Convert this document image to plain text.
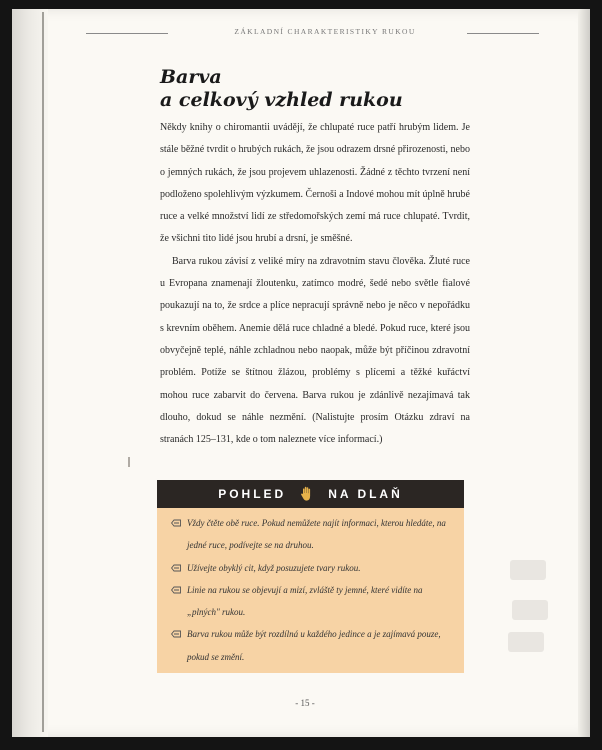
ZÁKLADNÍ CHARAKTERISTIKY RUKOU
Barva
a celkový vzhled rukou

Někdy knihy o chiromantii uvádějí, že chlupaté ruce patří hrubým lidem. Je stále běžné tvrdit o hrubých rukách, že jsou odrazem drsné přirozenosti, nebo o jemných rukách, že jsou projevem uhlazenosti. Žádné z těchto tvrzení není podloženo spolehlivým výzkumem. Černoši a Indové mohou mít úplně hrubé ruce a velké množství lidí ze středomořských zemí má ruce chlupaté. Tvrdit, že všichni tito lidé jsou hrubí a drsní, je směšné.

Barva rukou závisí z veliké míry na zdravotním stavu člověka. Žluté ruce u Evropana znamenají žloutenku, zatímco modré, šedé nebo světle fialové poukazují na to, že srdce a plíce nepracují správně nebo je něco v nepořádku s krevním oběhem. Anemie dělá ruce chladné a bledé. Pokud ruce, které jsou obvyčejně teplé, náhle zchladnou nebo naopak, může být příčinou zdravotní problém. Potíže se štítnou žlázou, problémy s plícemi a těžké kuřáctví mohou ruce zabarvit do červena. Barva rukou je zdánlivě nezajímavá tak dlouho, dokud se náhle nezmění. (Nalistujte prosím Otázku zdraví na stranách 125–131, kde o tom naleznete více informací.)

POHLED	NA DLAŇ
Vždy čtěte obě ruce. Pokud nemůžete najít informaci, kterou hledáte, na jedné ruce, podívejte se na druhou.
Užívejte obyklý cit, když posuzujete tvary rukou.
Linie na rukou se objevují a mizí, zvláště ty jemné, které vidíte na „plných" rukou.
Barva rukou může být rozdílná u každého jedince a je zajímavá pouze, pokud se změní.
- 15 -
